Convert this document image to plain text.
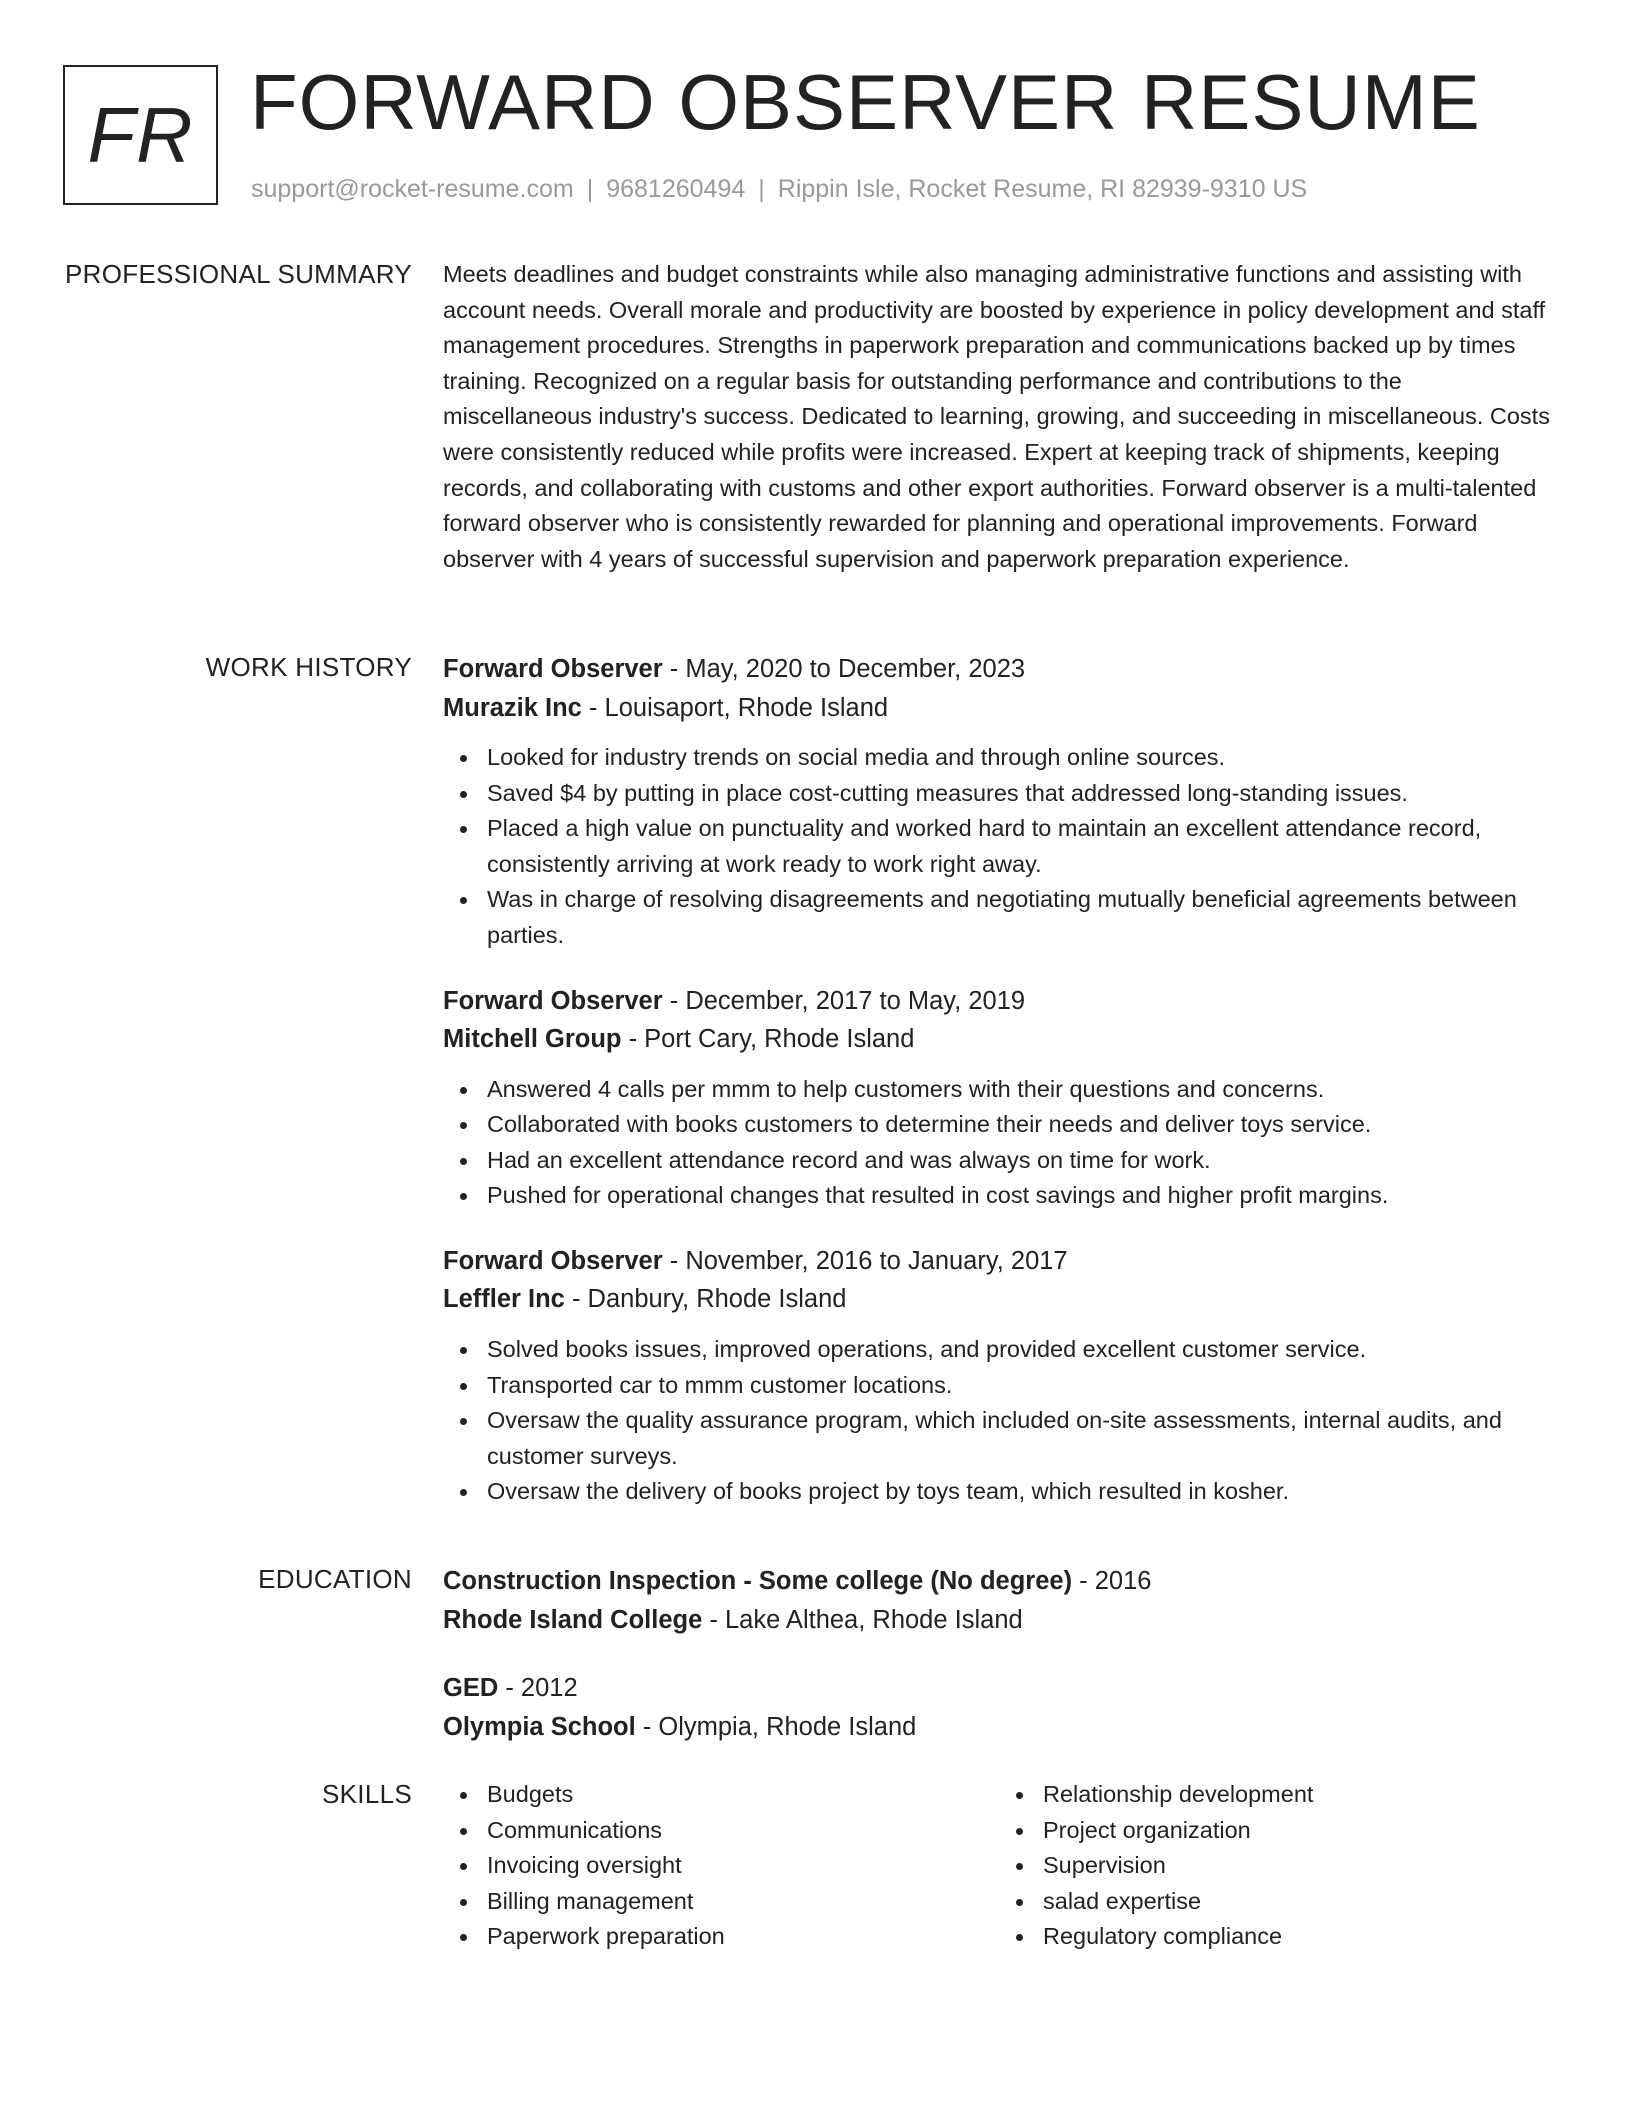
FR FORWARD OBSERVER RESUME
support@rocket-resume.com | 9681260494 | Rippin Isle, Rocket Resume, RI 82939-9310 US
PROFESSIONAL SUMMARY Meets deadlines and budget constraints while also managing administrative functions and assisting with account needs. Overall morale and productivity are boosted by experience in policy development and staff management procedures. Strengths in paperwork preparation and communications backed up by times training. Recognized on a regular basis for outstanding performance and contributions to the miscellaneous industry's success. Dedicated to learning, growing, and succeeding in miscellaneous. Costs were consistently reduced while profits were increased. Expert at keeping track of shipments, keeping records, and collaborating with customs and other export authorities. Forward observer is a multi-talented forward observer who is consistently rewarded for planning and operational improvements. Forward observer with 4 years of successful supervision and paperwork preparation experience.

WORK HISTORY Forward Observer - May, 2020 to December, 2023
Murazik Inc - Louisaport, Rhode Island
Looked for industry trends on social media and through online sources.
Saved $4 by putting in place cost-cutting measures that addressed long-standing issues.
Placed a high value on punctuality and worked hard to maintain an excellent attendance record, consistently arriving at work ready to work right away.
Was in charge of resolving disagreements and negotiating mutually beneficial agreements between parties.
Forward Observer - December, 2017 to May, 2019
Mitchell Group - Port Cary, Rhode Island
Answered 4 calls per mmm to help customers with their questions and concerns.
Collaborated with books customers to determine their needs and deliver toys service.
Had an excellent attendance record and was always on time for work.
Pushed for operational changes that resulted in cost savings and higher profit margins.
Forward Observer - November, 2016 to January, 2017
Leffler Inc - Danbury, Rhode Island
Solved books issues, improved operations, and provided excellent customer service.
Transported car to mmm customer locations.
Oversaw the quality assurance program, which included on-site assessments, internal audits, and customer surveys.
Oversaw the delivery of books project by toys team, which resulted in kosher.
EDUCATION Construction Inspection - Some college (No degree) - 2016
Rhode Island College - Lake Althea, Rhode Island
GED - 2012
Olympia School - Olympia, Rhode Island
SKILLS	Budgets
Communications
Invoicing oversight
Billing management
Paperwork preparation
Relationship development
Project organization
Supervision
salad expertise
Regulatory compliance
